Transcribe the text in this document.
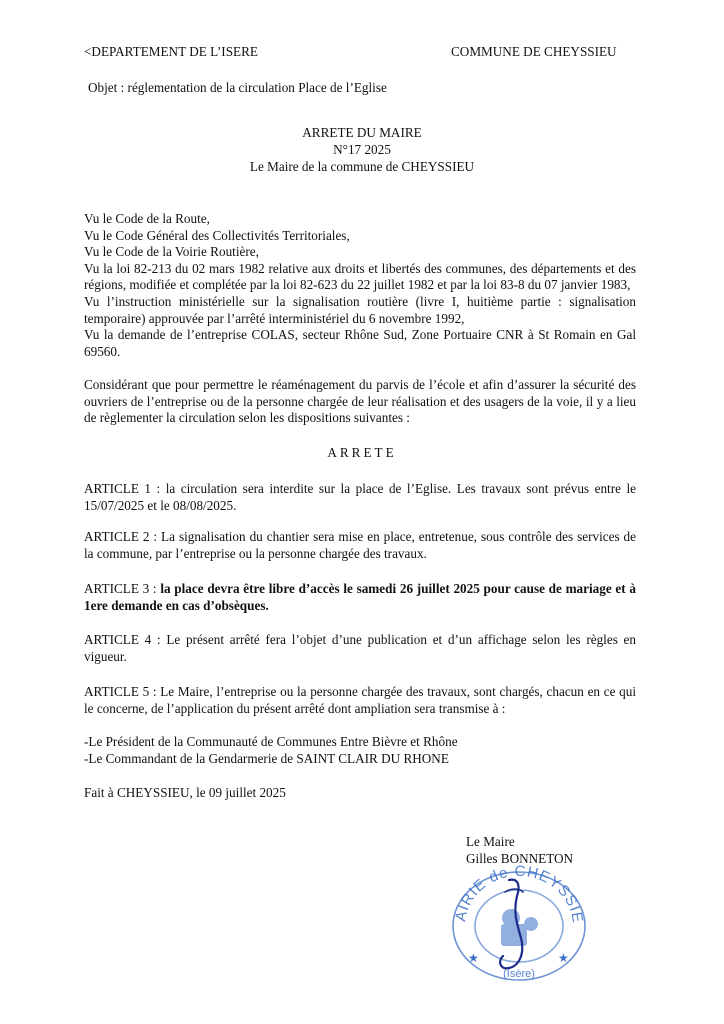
<DEPARTEMENT DE L’ISERE	COMMUNE DE CHEYSSIEU
Objet : réglementation de la circulation Place de l’Eglise
ARRETE DU MAIRE
N°17 2025
Le Maire de la commune de CHEYSSIEU
Vu le Code de la Route,
Vu le Code Général des Collectivités Territoriales,
Vu le Code de la Voirie Routière,
Vu la loi 82-213 du 02 mars 1982 relative aux droits et libertés des communes, des départements et des régions, modifiée et complétée par la loi 82-623 du 22 juillet 1982 et par la loi 83-8 du 07 janvier 1983,
Vu l’instruction ministérielle sur la signalisation routière (livre I, huitième partie : signalisation temporaire) approuvée par l’arrêté interministériel du 6 novembre 1992,
Vu la demande de l’entreprise COLAS, secteur Rhône Sud, Zone Portuaire CNR à St Romain en Gal 69560.
Considérant que pour permettre le réaménagement du parvis de l’école et afin d’assurer la sécurité des ouvriers de l’entreprise ou de la personne chargée de leur réalisation et des usagers de la voie, il y a lieu de règlementer la circulation selon les dispositions suivantes :
ARRETE
ARTICLE 1 : la circulation sera interdite sur la place de l’Eglise. Les travaux sont prévus entre le 15/07/2025 et le 08/08/2025.
ARTICLE 2 : La signalisation du chantier sera mise en place, entretenue, sous contrôle des services de la commune, par l’entreprise ou la personne chargée des travaux.
ARTICLE 3 : la place devra être libre d’accès le samedi 26 juillet 2025 pour cause de mariage et à 1ere demande en cas d’obsèques.
ARTICLE 4 : Le présent arrêté fera l’objet d’une publication et d’un affichage selon les règles en vigueur.
ARTICLE 5 : Le Maire, l’entreprise ou la personne chargée des travaux, sont chargés, chacun en ce qui le concerne, de l’application du présent arrêté dont ampliation sera transmise à :
-Le Président de la Communauté de Communes Entre Bièvre et Rhône
-Le Commandant de la Gendarmerie de SAINT CLAIR DU RHONE
Fait à CHEYSSIEU, le 09 juillet 2025
Le Maire
Gilles BONNETON
AIRIE de CHEYSSIE
★	★
(Isère)
